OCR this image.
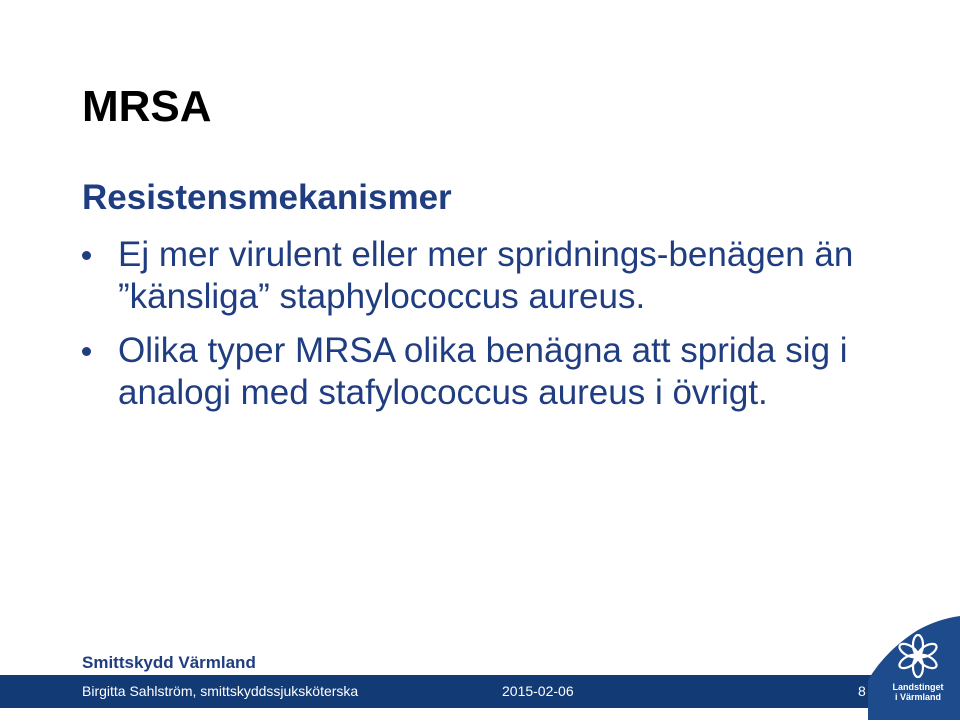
MRSA
Resistensmekanismer
Ej mer virulent eller mer spridnings-benägen än ”känsliga” staphylococcus aureus.
Olika typer MRSA olika benägna att sprida sig i analogi med stafylococcus aureus i övrigt.
Smittskydd Värmland
Birgitta Sahlström, smittskyddssjuksköterska	2015-02-06	8	Landstinget
i Värmland
